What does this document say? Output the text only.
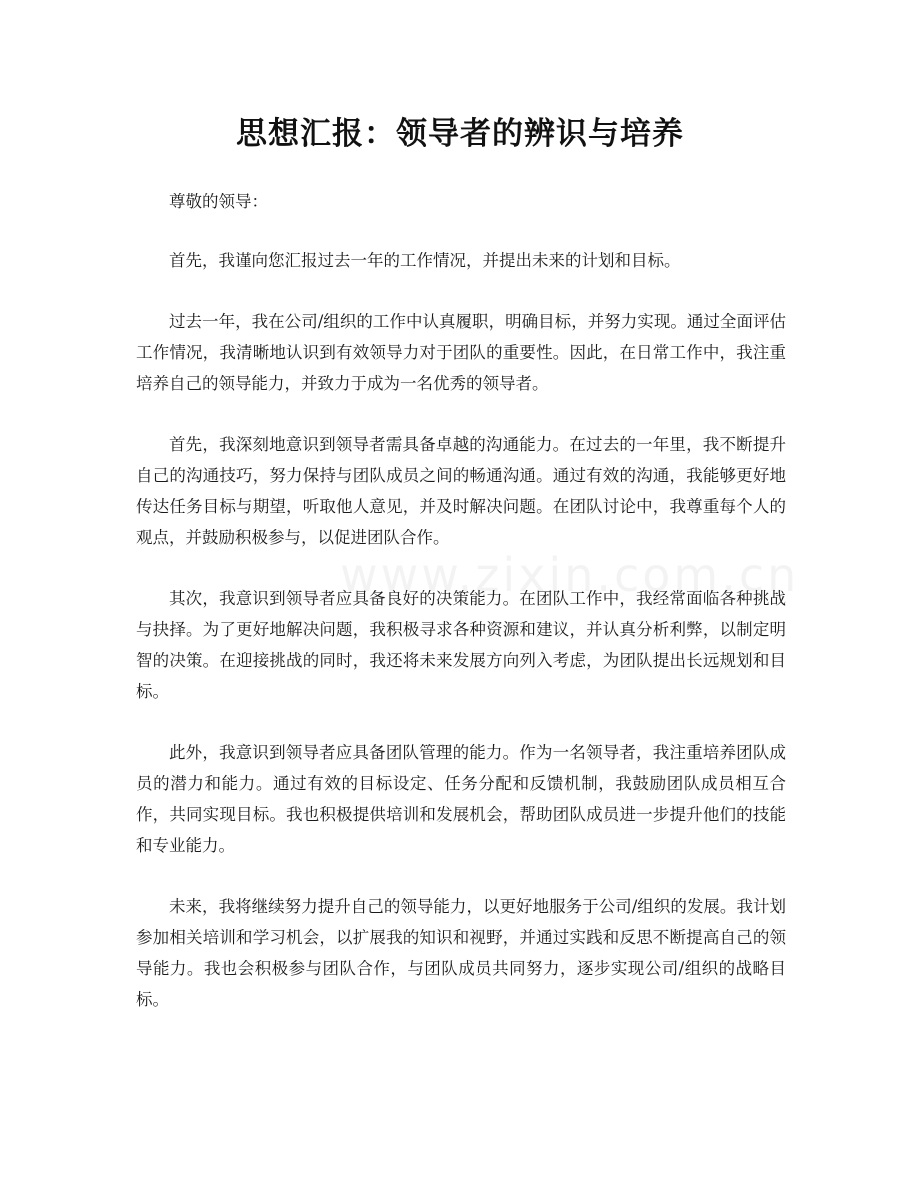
思想汇报：领导者的辨识与培养

尊敬的领导：

首先，我谨向您汇报过去一年的工作情况，并提出未来的计划和目标。

过去一年，我在公司/组织的工作中认真履职，明确目标，并努力实现。通过全面评估工作情况，我清晰地认识到有效领导力对于团队的重要性。因此，在日常工作中，我注重培养自己的领导能力，并致力于成为一名优秀的领导者。

首先，我深刻地意识到领导者需具备卓越的沟通能力。在过去的一年里，我不断提升自己的沟通技巧，努力保持与团队成员之间的畅通沟通。通过有效的沟通，我能够更好地传达任务目标与期望，听取他人意见，并及时解决问题。在团队讨论中，我尊重每个人的观点，并鼓励积极参与，以促进团队合作。

其次，我意识到领导者应具备良好的决策能力。在团队工作中，我经常面临各种挑战与抉择。为了更好地解决问题，我积极寻求各种资源和建议，并认真分析利弊，以制定明智的决策。在迎接挑战的同时，我还将未来发展方向列入考虑，为团队提出长远规划和目标。

此外，我意识到领导者应具备团队管理的能力。作为一名领导者，我注重培养团队成员的潜力和能力。通过有效的目标设定、任务分配和反馈机制，我鼓励团队成员相互合作，共同实现目标。我也积极提供培训和发展机会，帮助团队成员进一步提升他们的技能和专业能力。

未来，我将继续努力提升自己的领导能力，以更好地服务于公司/组织的发展。我计划参加相关培训和学习机会，以扩展我的知识和视野，并通过实践和反思不断提高自己的领导能力。我也会积极参与团队合作，与团队成员共同努力，逐步实现公司/组织的战略目标。
